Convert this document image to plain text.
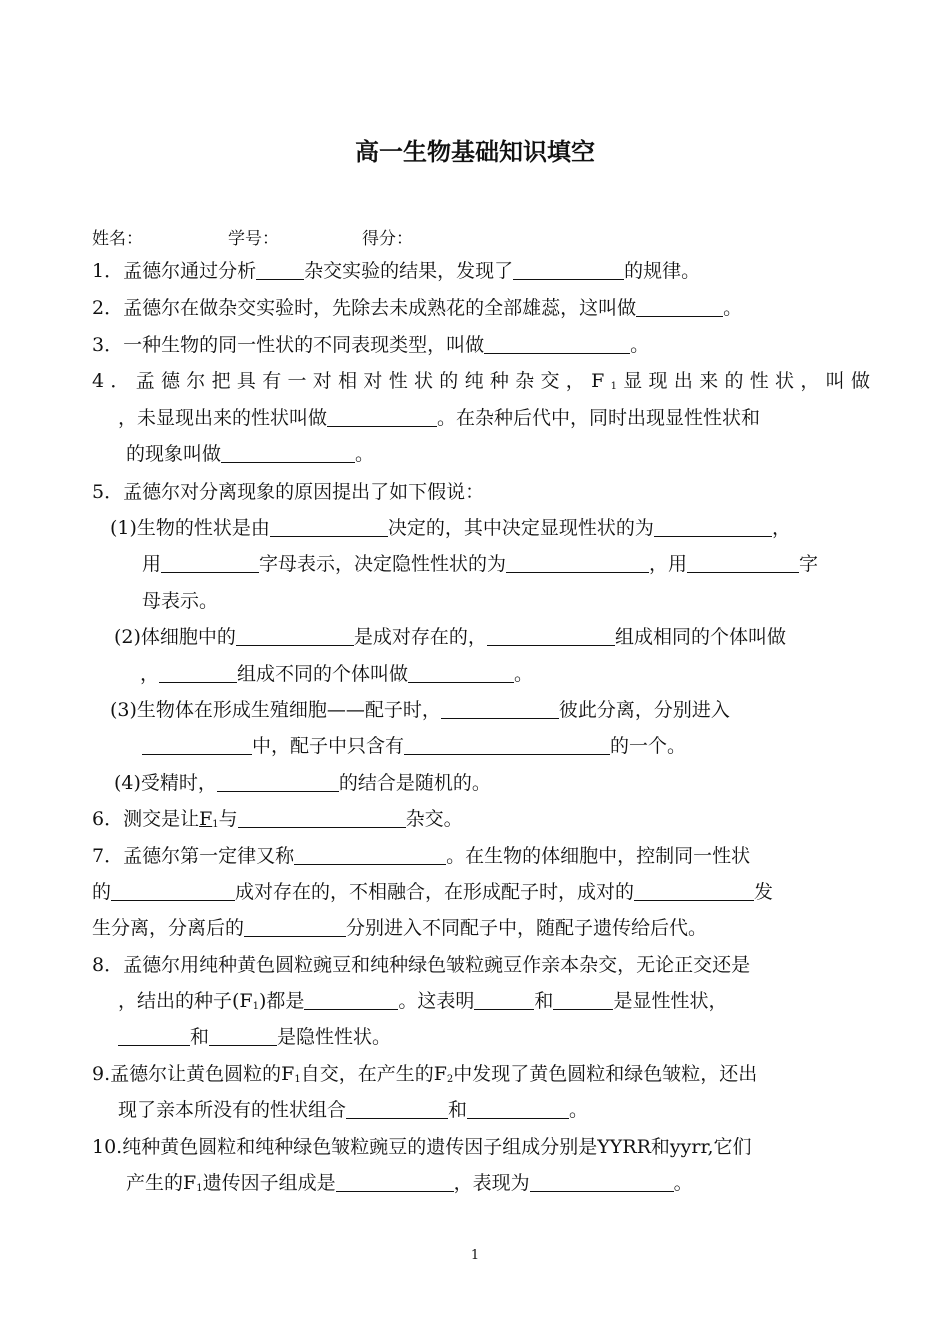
高一生物基础知识填空
姓名：	学号：	得分：
1．孟德尔通过分析	杂交实验的结果，发现了	的规律。
2．孟德尔在做杂交实验时，先除去未成熟花的全部雄蕊，这叫做	。
3．一种生物的同一性状的不同表现类型，叫做	。
4．孟德尔把具有一对相对性状的纯种杂交，$F_1$显现出来的性状，叫做
，未显现出来的性状叫做	。在杂种后代中，同时出现显性性状和
的现象叫做	。
5．孟德尔对分离现象的原因提出了如下假说：
(1)生物的性状是由	决定的，其中决定显现性状的为	，
用	字母表示，决定隐性性状的为	，用	字
母表示。
(2)体细胞中的	是成对存在的，	组成相同的个体叫做
，	组成不同的个体叫做	。
(3)生物体在形成生殖细胞——配子时，	彼此分离，分别进入
中，配子中只含有	的一个。
(4)受精时，	的结合是随机的。
6．测交是让$F_1$与	杂交。
7．孟德尔第一定律又称	。在生物的体细胞中，控制同一性状
的	成对存在的，不相融合，在形成配子时，成对的	发
生分离，分离后的	分别进入不同配子中，随配子遗传给后代。
8．孟德尔用纯种黄色圆粒豌豆和纯种绿色皱粒豌豆作亲本杂交，无论正交还是
，结出的种子$(F_1)$都是	。这表明	和	是显性性状，
和	是隐性性状。
9.孟德尔让黄色圆粒的$F_1$自交，在产生的$F_2$中发现了黄色圆粒和绿色皱粒，还出
现了亲本所没有的性状组合	和	。
10.纯种黄色圆粒和纯种绿色皱粒豌豆的遗传因子组成分别是YYRR和yyrr,它们
产生的$F_1$遗传因子组成是	，表现为	。
1
